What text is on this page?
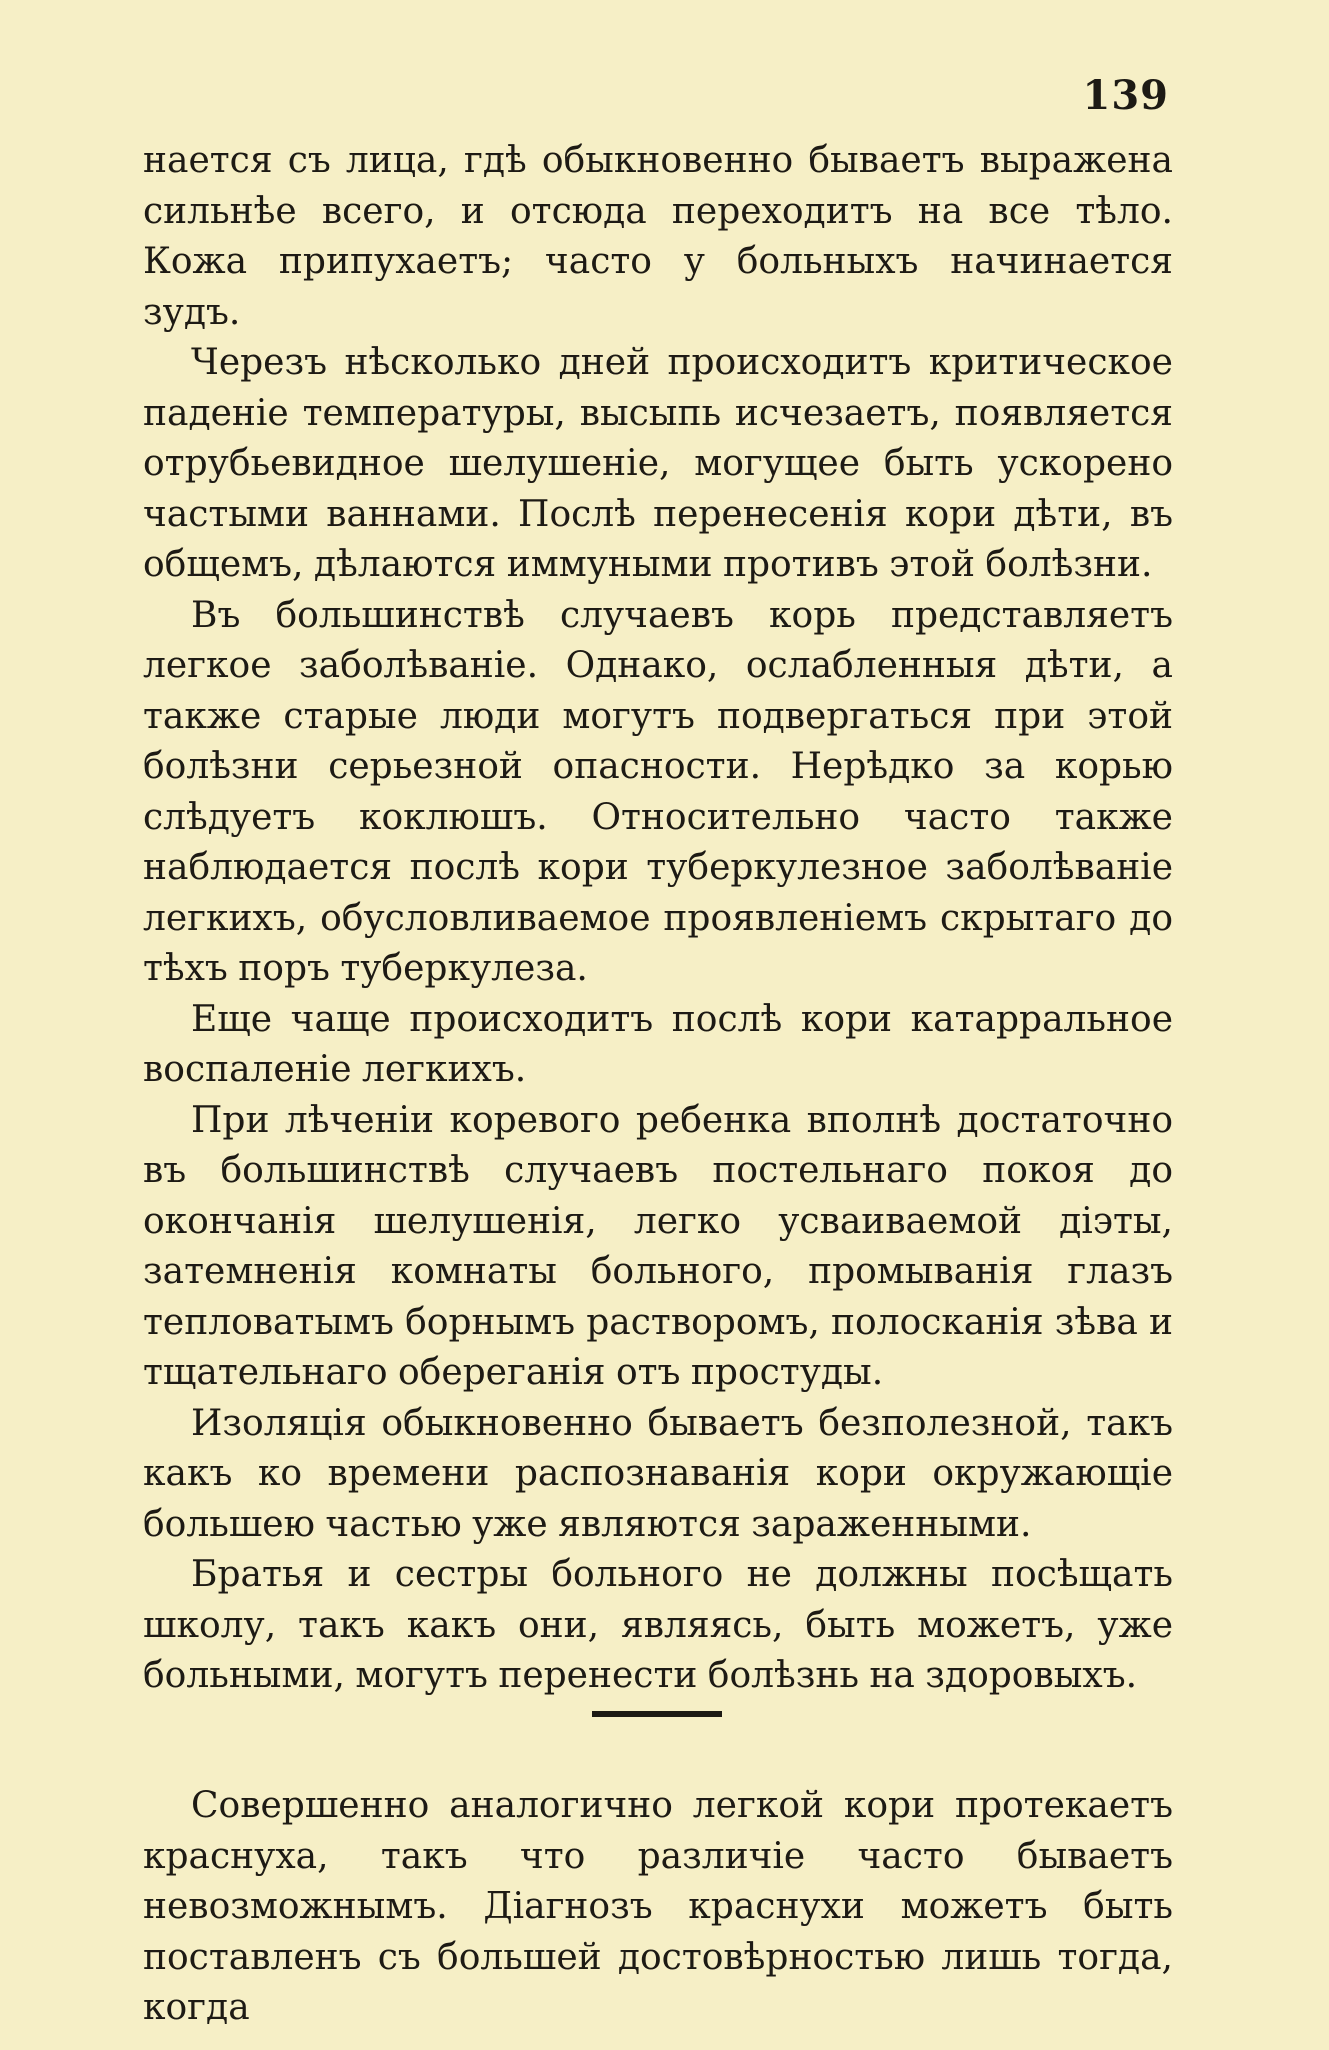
139

нается съ лица, гдѣ обыкновенно бываетъ выражена сильнѣе всего, и отсюда переходитъ на все тѣло. Кожа припухаетъ; часто у больныхъ начинается зудъ.

Черезъ нѣсколько дней происходитъ критическое паденіе температуры, высыпь исчезаетъ, появляется отрубьевидное шелушеніе, могущее быть ускорено частыми ваннами. Послѣ перенесенія кори дѣти, въ общемъ, дѣлаются иммуными противъ этой болѣзни.

Въ большинствѣ случаевъ корь представляетъ легкое заболѣваніе. Однако, ослабленныя дѣти, а также старые люди могутъ подвергаться при этой болѣзни серьезной опасности. Нерѣдко за корью слѣдуетъ коклюшъ. Относительно часто также наблюдается послѣ кори туберкулезное заболѣваніе легкихъ, обусловливаемое проявленіемъ скрытаго до тѣхъ поръ туберкулеза.

Еще чаще происходитъ послѣ кори катарральное воспаленіе легкихъ.

При лѣченіи коревого ребенка вполнѣ достаточно въ большинствѣ случаевъ постельнаго покоя до окончанія шелушенія, легко усваиваемой діэты, затемненія комнаты больного, промыванія глазъ тепловатымъ борнымъ растворомъ, полосканія зѣва и тщательнаго обереганія отъ простуды.

Изоляція обыкновенно бываетъ безполезной, такъ какъ ко времени распознаванія кори окружающіе большею частью уже являются зараженными.

Братья и сестры больного не должны посѣщать школу, такъ какъ они, являясь, быть можетъ, уже больными, могутъ перенести болѣзнь на здоровыхъ.

Совершенно аналогично легкой кори протекаетъ краснуха, такъ что различіе часто бываетъ невозможнымъ. Діагнозъ краснухи можетъ быть поставленъ съ большей достовѣрностью лишь тогда, когда
